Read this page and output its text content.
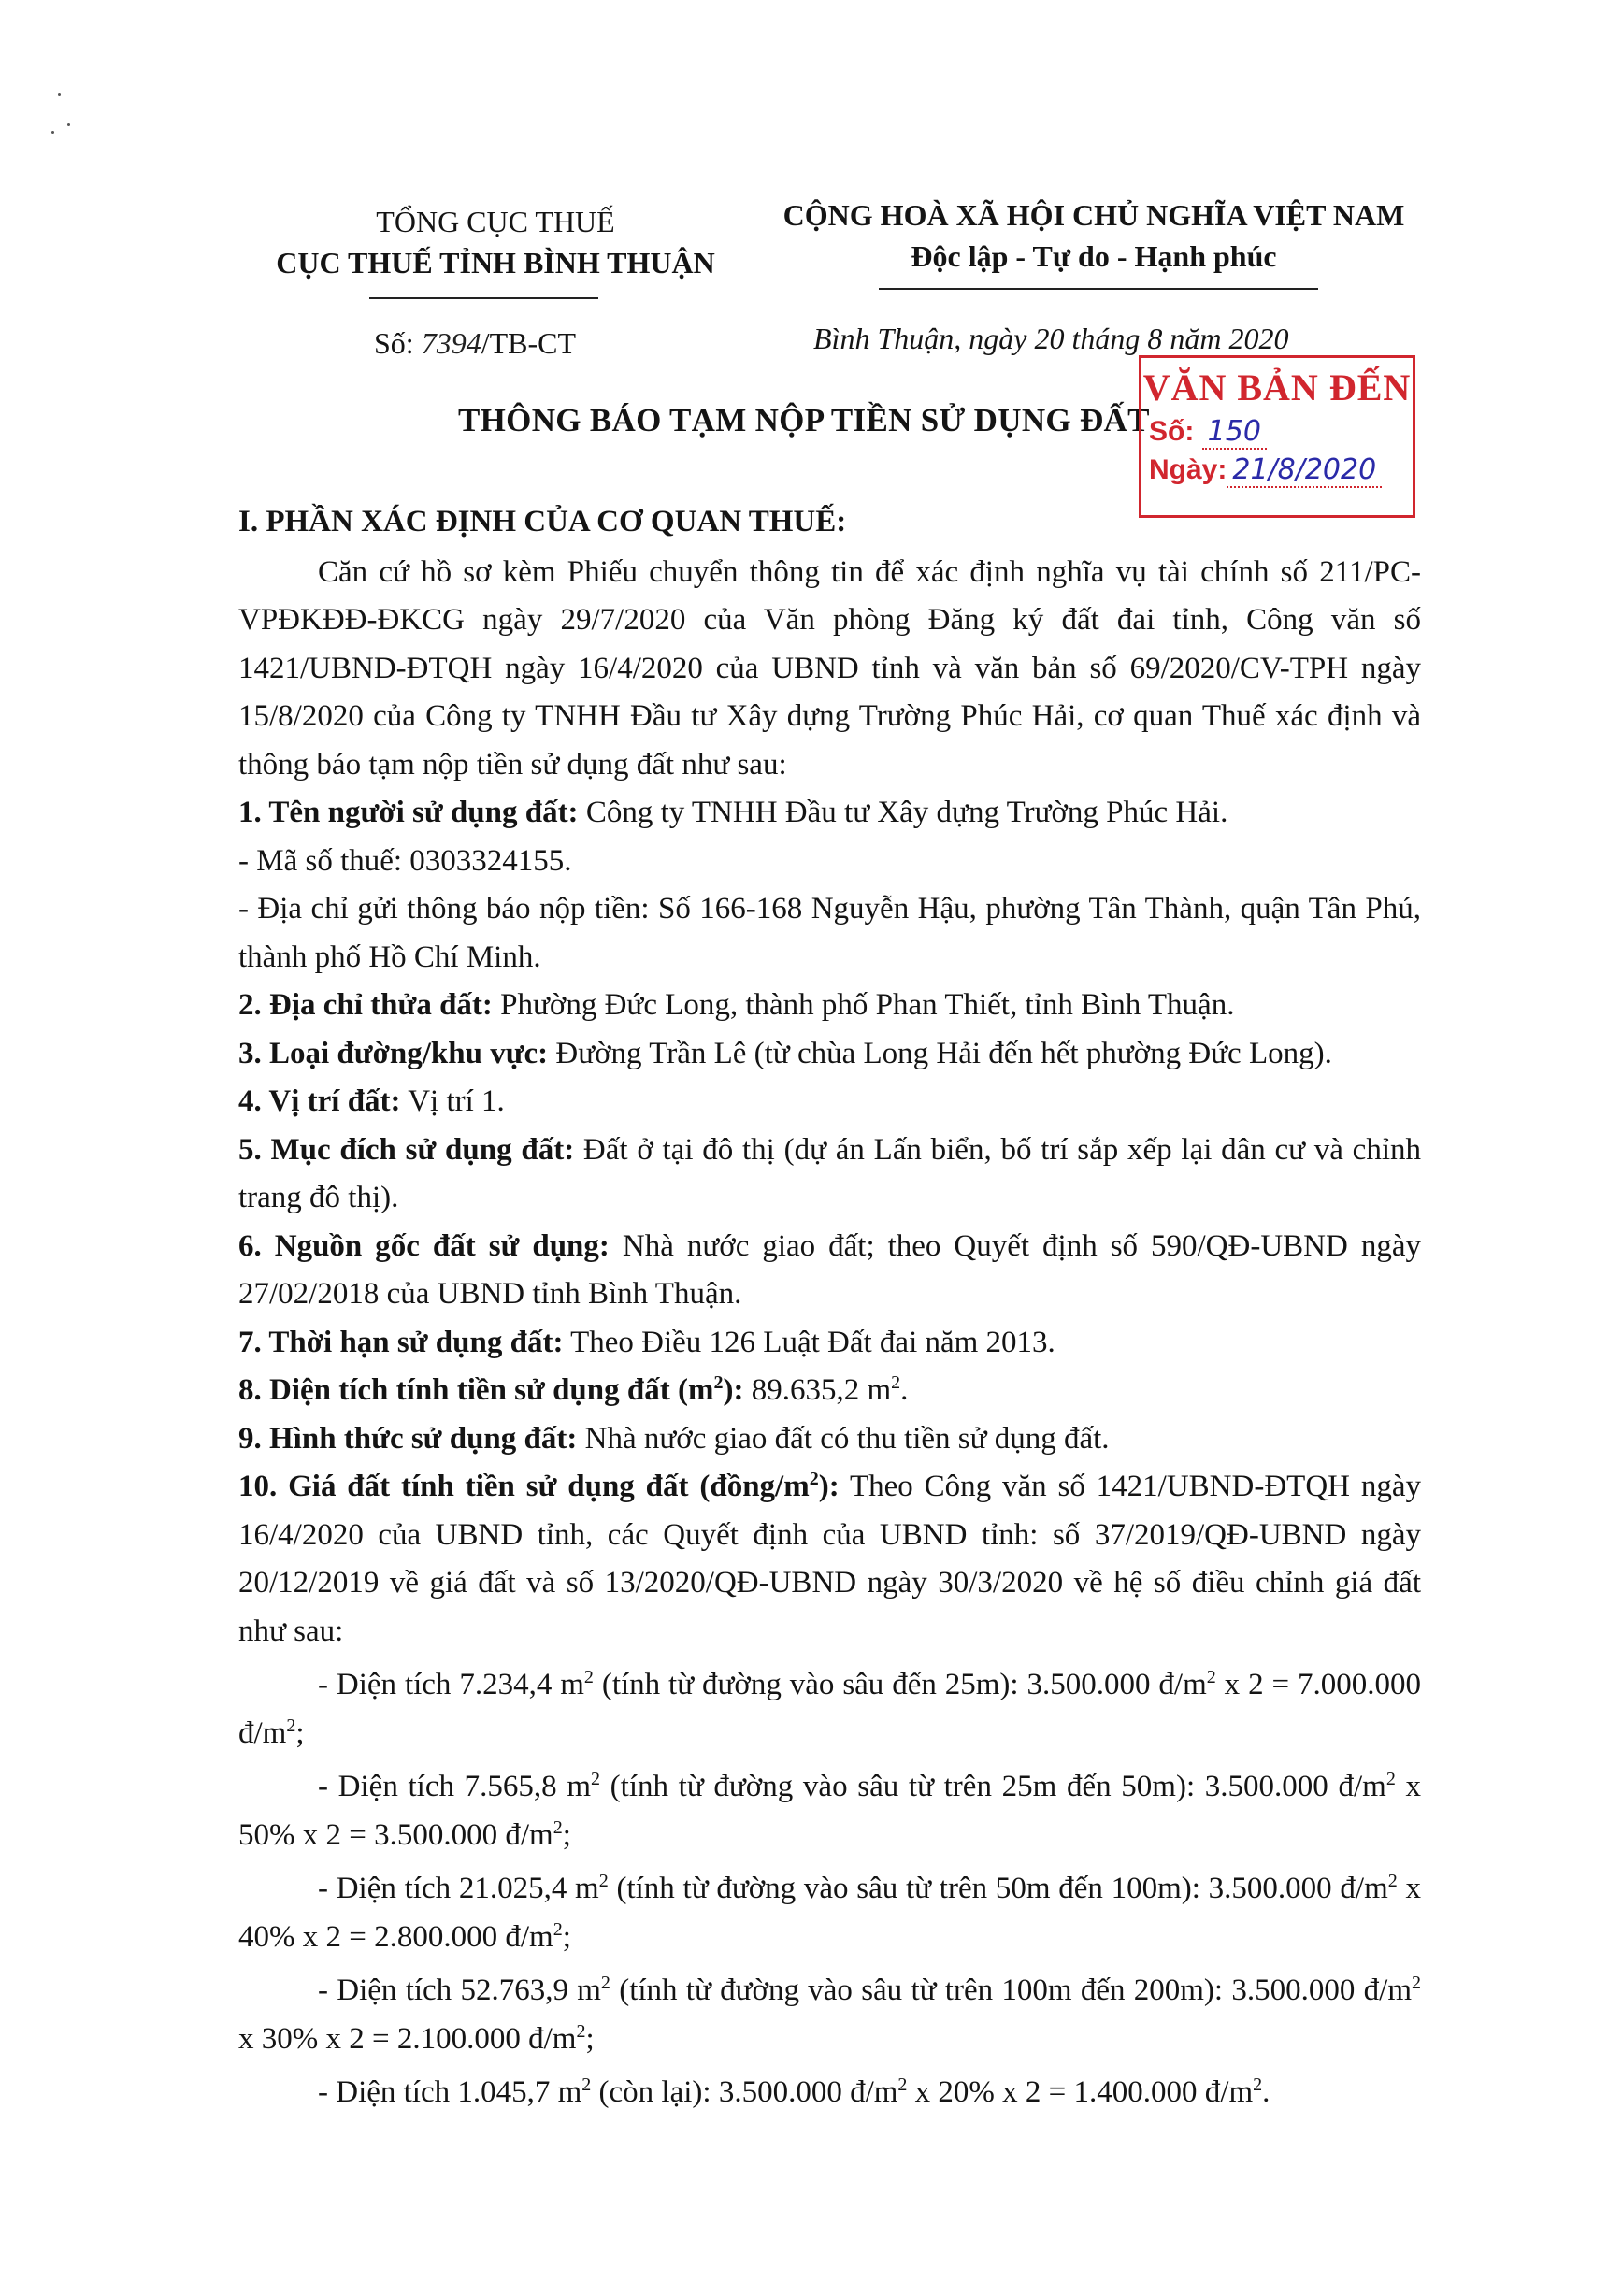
TỔNG CỤC THUẾ
CỤC THUẾ TỈNH BÌNH THUẬN
Số: 7394/TB-CT
CỘNG HOÀ XÃ HỘI CHỦ NGHĨA VIỆT NAM
Độc lập - Tự do - Hạnh phúc
Bình Thuận, ngày 20 tháng 8 năm 2020
THÔNG BÁO TẠM NỘP TIỀN SỬ DỤNG ĐẤT
VĂN BẢN ĐẾN
Số: 150
Ngày: 21/8/2020

I. PHẦN XÁC ĐỊNH CỦA CƠ QUAN THUẾ:

Căn cứ hồ sơ kèm Phiếu chuyển thông tin để xác định nghĩa vụ tài chính số 211/PC-VPĐKĐĐ-ĐKCG ngày 29/7/2020 của Văn phòng Đăng ký đất đai tỉnh, Công văn số 1421/UBND-ĐTQH ngày 16/4/2020 của UBND tỉnh và văn bản số 69/2020/CV-TPH ngày 15/8/2020 của Công ty TNHH Đầu tư Xây dựng Trường Phúc Hải, cơ quan Thuế xác định và thông báo tạm nộp tiền sử dụng đất như sau:

1. Tên người sử dụng đất: Công ty TNHH Đầu tư Xây dựng Trường Phúc Hải.

- Mã số thuế: 0303324155.

- Địa chỉ gửi thông báo nộp tiền: Số 166-168 Nguyễn Hậu, phường Tân Thành, quận Tân Phú, thành phố Hồ Chí Minh.

2. Địa chỉ thửa đất: Phường Đức Long, thành phố Phan Thiết, tỉnh Bình Thuận.

3. Loại đường/khu vực: Đường Trần Lê (từ chùa Long Hải đến hết phường Đức Long).

4. Vị trí đất: Vị trí 1.

5. Mục đích sử dụng đất: Đất ở tại đô thị (dự án Lấn biển, bố trí sắp xếp lại dân cư và chỉnh trang đô thị).

6. Nguồn gốc đất sử dụng: Nhà nước giao đất; theo Quyết định số 590/QĐ-UBND ngày 27/02/2018 của UBND tỉnh Bình Thuận.

7. Thời hạn sử dụng đất: Theo Điều 126 Luật Đất đai năm 2013.

8. Diện tích tính tiền sử dụng đất $(m^2)$: 89.635,2 $m^2$.

9. Hình thức sử dụng đất: Nhà nước giao đất có thu tiền sử dụng đất.

10. Giá đất tính tiền sử dụng đất $(đồng/m^2)$: Theo Công văn số 1421/UBND-ĐTQH ngày 16/4/2020 của UBND tỉnh, các Quyết định của UBND tỉnh: số 37/2019/QĐ-UBND ngày 20/12/2019 về giá đất và số 13/2020/QĐ-UBND ngày 30/3/2020 về hệ số điều chỉnh giá đất như sau:

- Diện tích 7.234,4 $m^2$ (tính từ đường vào sâu đến 25m): 3.500.000 $đ/m^2$ x 2 = 7.000.000 $đ/m^2$;

- Diện tích 7.565,8 $m^2$ (tính từ đường vào sâu từ trên 25m đến 50m): 3.500.000 $đ/m^2$ x 50% x 2 = 3.500.000 $đ/m^2$;

- Diện tích 21.025,4 $m^2$ (tính từ đường vào sâu từ trên 50m đến 100m): 3.500.000 $đ/m^2$ x 40% x 2 = 2.800.000 $đ/m^2$;

- Diện tích 52.763,9 $m^2$ (tính từ đường vào sâu từ trên 100m đến 200m): 3.500.000 $đ/m^2$ x 30% x 2 = 2.100.000 $đ/m^2$;

- Diện tích 1.045,7 $m^2$ (còn lại): 3.500.000 $đ/m^2$ x 20% x 2 = 1.400.000 $đ/m^2$.
